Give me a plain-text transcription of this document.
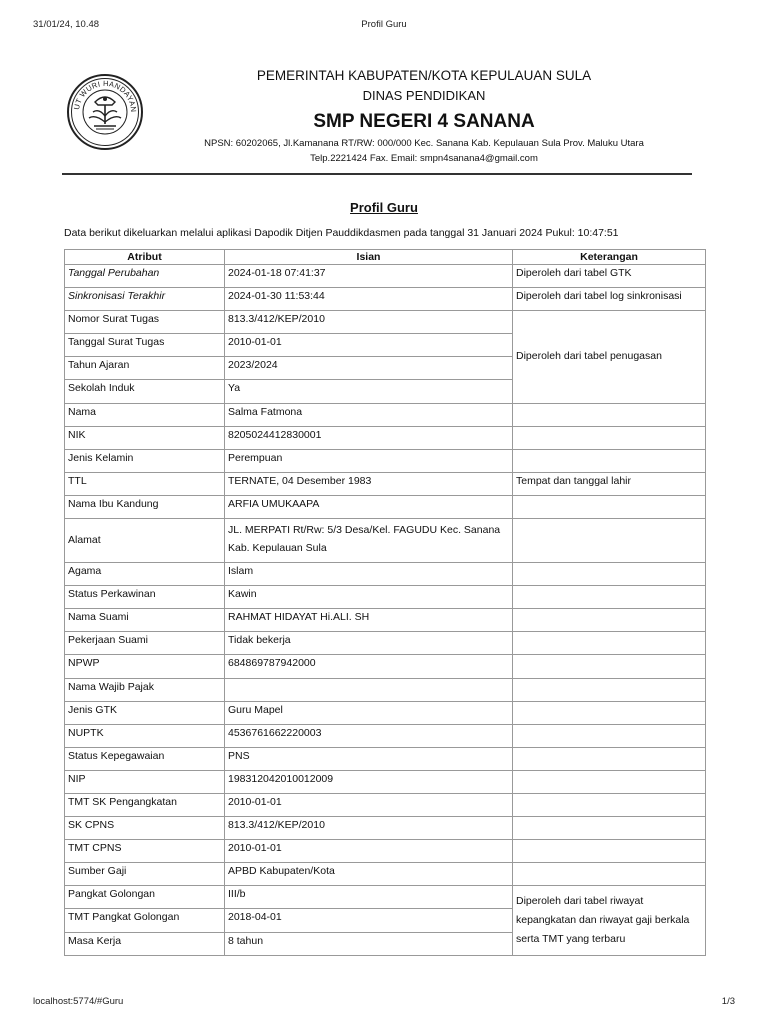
31/01/24, 10.48	Profil Guru
UT WURI HANDAYAN
PEMERINTAH KABUPATEN/KOTA KEPULAUAN SULA
DINAS PENDIDIKAN
SMP NEGERI 4 SANANA
NPSN: 60202065, Jl.Kamanana RT/RW: 000/000 Kec. Sanana Kab. Kepulauan Sula Prov. Maluku Utara
Telp.2221424 Fax. Email: smpn4sanana4@gmail.com
Profil Guru
Data berikut dikeluarkan melalui aplikasi Dapodik Ditjen Pauddikdasmen pada tanggal 31 Januari 2024 Pukul: 10:47:51
Atribut	Isian	Keterangan
Tanggal Perubahan	2024-01-18 07:41:37	Diperoleh dari tabel GTK
Sinkronisasi Terakhir	2024-01-30 11:53:44	Diperoleh dari tabel log sinkronisasi
Nomor Surat Tugas	813.3/412/KEP/2010	Diperoleh dari tabel penugasan
Tanggal Surat Tugas	2010-01-01	
Tahun Ajaran	2023/2024	
Sekolah Induk	Ya	
Nama	Salma Fatmona	
NIK	8205024412830001	
Jenis Kelamin	Perempuan	
TTL	TERNATE, 04 Desember 1983	Tempat dan tanggal lahir
Nama Ibu Kandung	ARFIA UMUKAAPA	
Alamat	JL. MERPATI Rt/Rw: 5/3 Desa/Kel. FAGUDU Kec. Sanana Kab. Kepulauan Sula	
Agama	Islam	
Status Perkawinan	Kawin	
Nama Suami	RAHMAT HIDAYAT Hi.ALI. SH	
Pekerjaan Suami	Tidak bekerja	
NPWP	684869787942000	
Nama Wajib Pajak		
Jenis GTK	Guru Mapel	
NUPTK	4536761662220003	
Status Kepegawaian	PNS	
NIP	198312042010012009	
TMT SK Pengangkatan	2010-01-01	
SK CPNS	813.3/412/KEP/2010	
TMT CPNS	2010-01-01	
Sumber Gaji	APBD Kabupaten/Kota	
Pangkat Golongan	III/b	Diperoleh dari tabel riwayat kepangkatan dan riwayat gaji berkala serta TMT yang terbaru
TMT Pangkat Golongan	2018-04-01	
Masa Kerja	8 tahun	
localhost:5774/#Guru	1/3
